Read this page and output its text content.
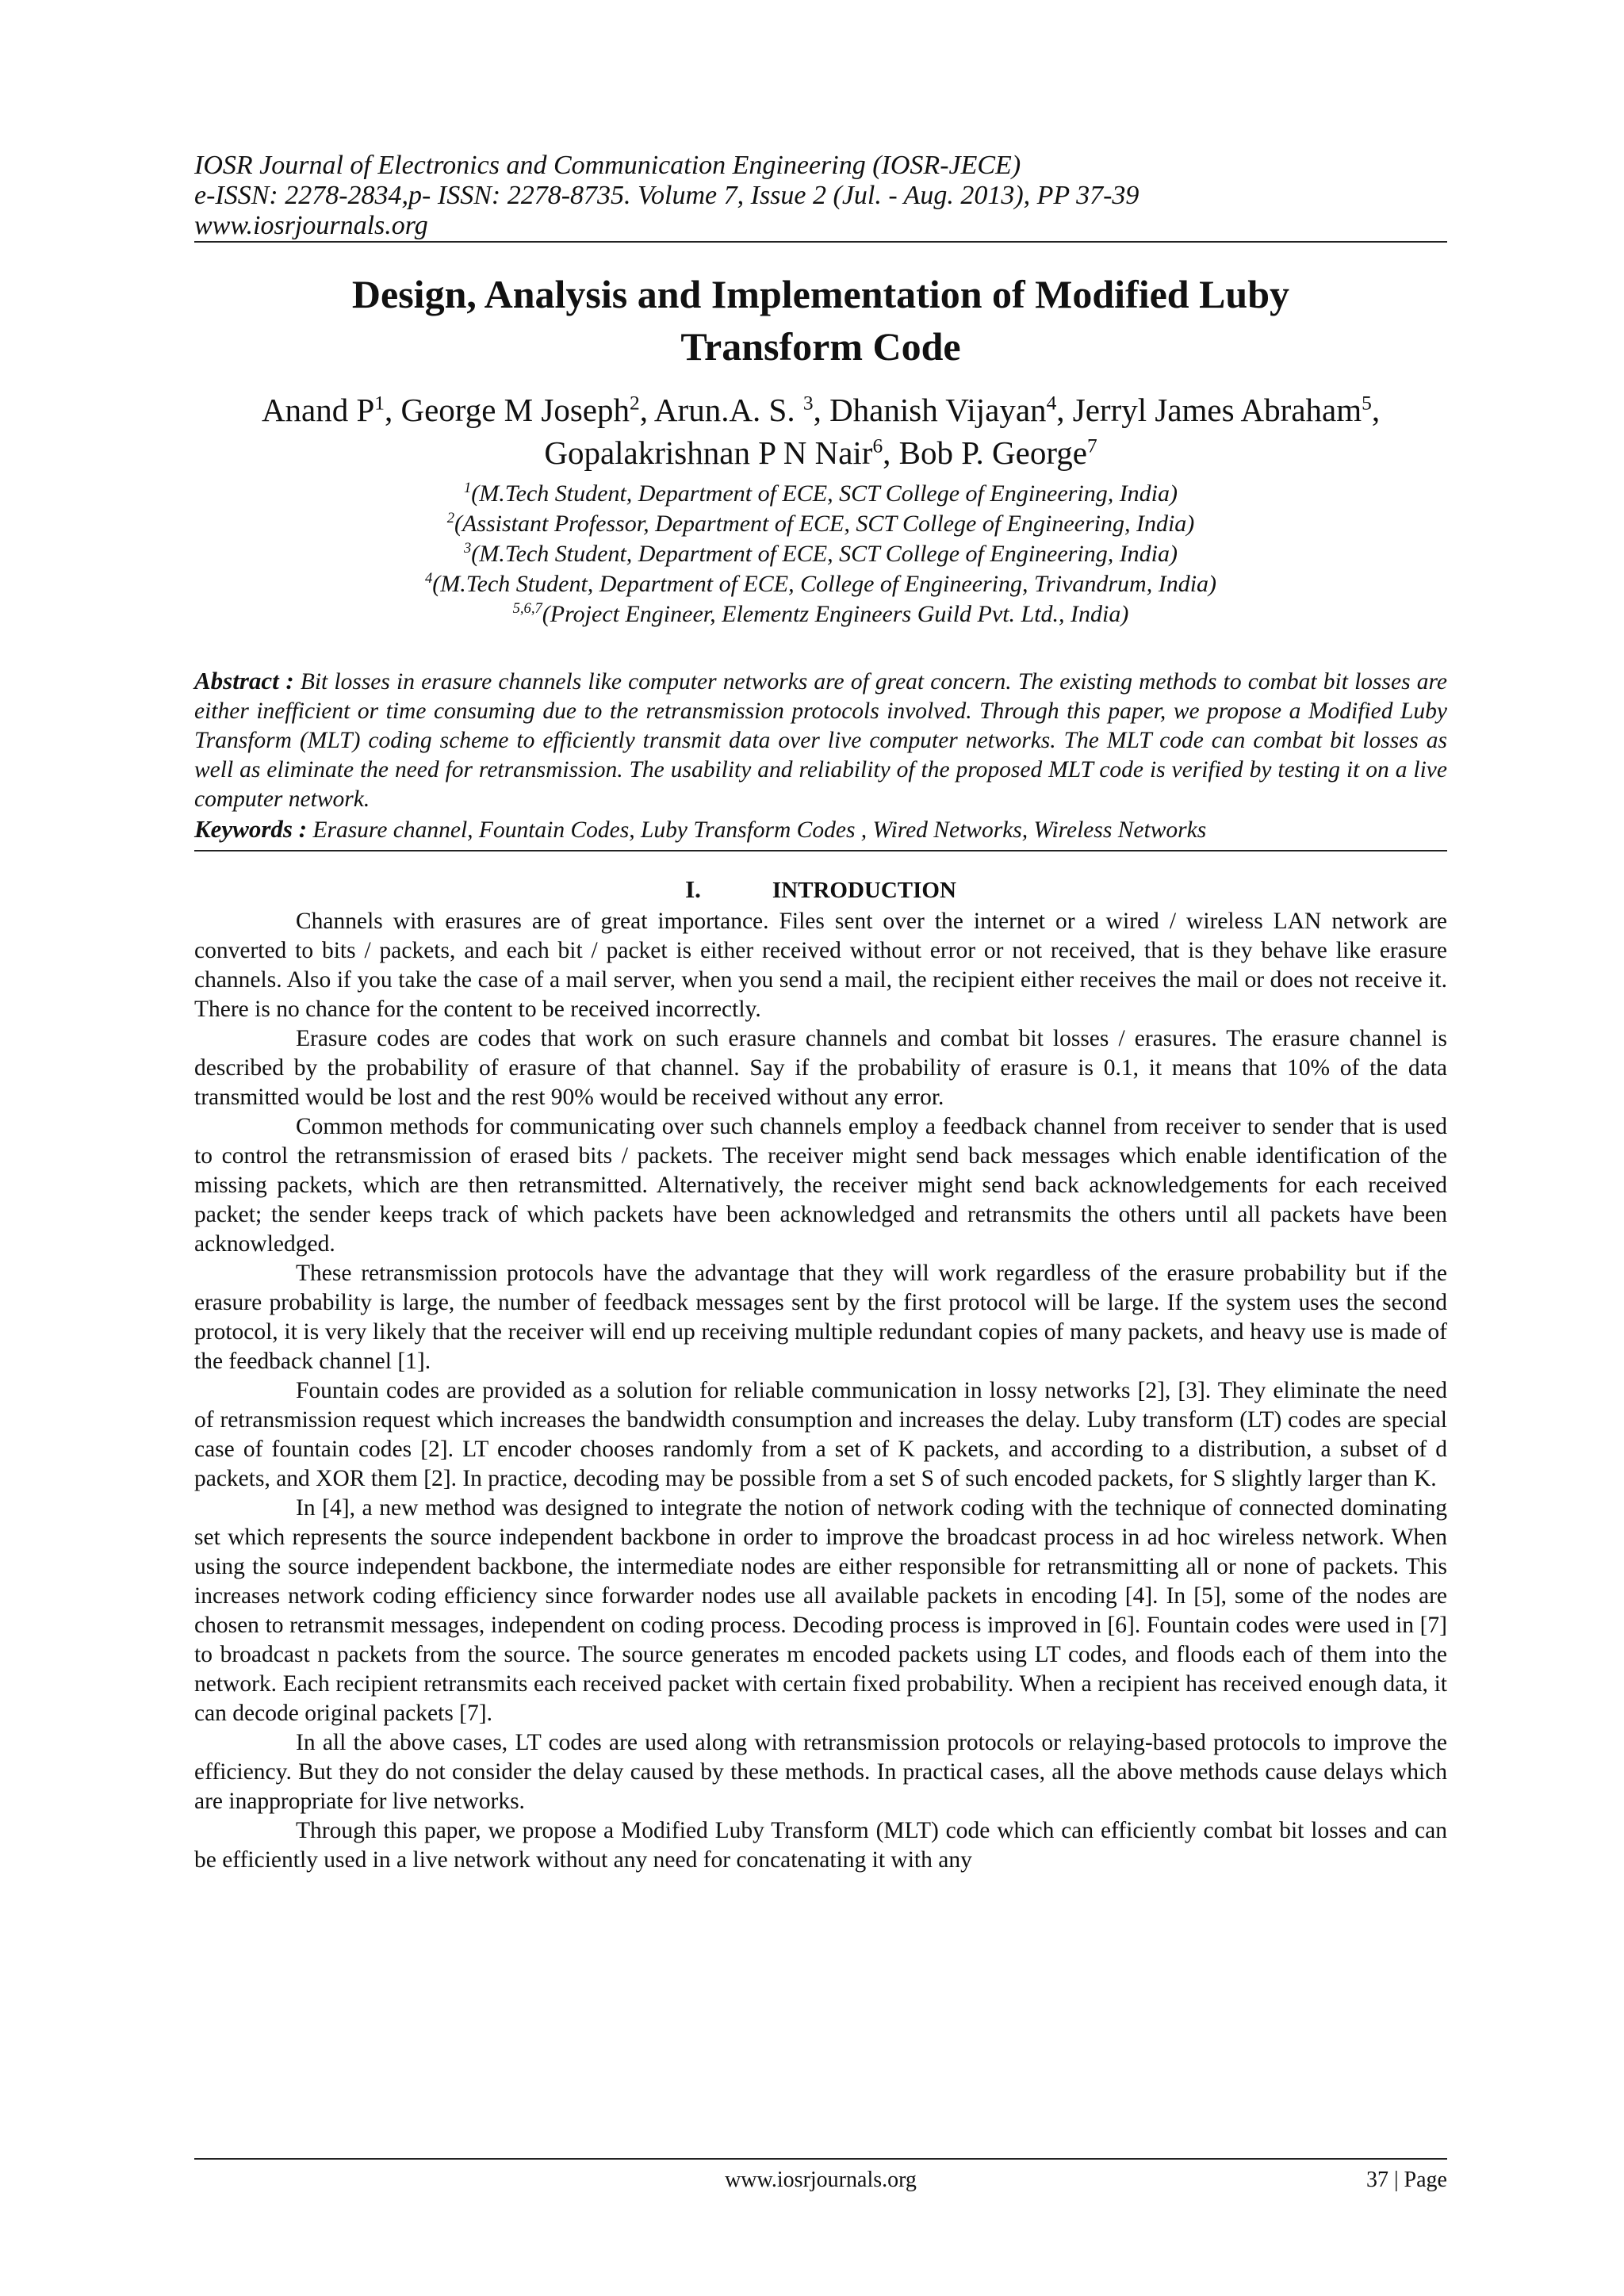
IOSR Journal of Electronics and Communication Engineering (IOSR-JECE)
e-ISSN: 2278-2834,p- ISSN: 2278-8735. Volume 7, Issue 2 (Jul. - Aug. 2013), PP 37-39
www.iosrjournals.org
Design, Analysis and Implementation of Modified Luby
Transform Code
Anand $P^1$, George M Joseph$^2$, Arun.A. S. $^3$, Dhanish Vijayan$^4$, Jerryl James Abraham$^5$, Gopalakrishnan P N Nair$^6$, Bob P. George$^7$
$^1$(M.Tech Student, Department of ECE, SCT College of Engineering, India)
$^2$(Assistant Professor, Department of ECE, SCT College of Engineering, India)
$^3$(M.Tech Student, Department of ECE, SCT College of Engineering, India)
$^4$(M.Tech Student, Department of ECE, College of Engineering, Trivandrum, India)
$^{5,6,7}$(Project Engineer, Elementz Engineers Guild Pvt. Ltd., India)
Abstract : Bit losses in erasure channels like computer networks are of great concern. The existing methods to combat bit losses are either inefficient or time consuming due to the retransmission protocols involved. Through this paper, we propose a Modified Luby Transform (MLT) coding scheme to efficiently transmit data over live computer networks. The MLT code can combat bit losses as well as eliminate the need for retransmission. The usability and reliability of the proposed MLT code is verified by testing it on a live computer network.
Keywords : Erasure channel, Fountain Codes, Luby Transform Codes , Wired Networks, Wireless Networks
I.	INTRODUCTION

Channels with erasures are of great importance. Files sent over the internet or a wired / wireless LAN network are converted to bits / packets, and each bit / packet is either received without error or not received, that is they behave like erasure channels. Also if you take the case of a mail server, when you send a mail, the recipient either receives the mail or does not receive it. There is no chance for the content to be received incorrectly.

Erasure codes are codes that work on such erasure channels and combat bit losses / erasures. The erasure channel is described by the probability of erasure of that channel. Say if the probability of erasure is 0.1, it means that 10% of the data transmitted would be lost and the rest 90% would be received without any error.

Common methods for communicating over such channels employ a feedback channel from receiver to sender that is used to control the retransmission of erased bits / packets. The receiver might send back messages which enable identification of the missing packets, which are then retransmitted. Alternatively, the receiver might send back acknowledgements for each received packet; the sender keeps track of which packets have been acknowledged and retransmits the others until all packets have been acknowledged.

These retransmission protocols have the advantage that they will work regardless of the erasure probability but if the erasure probability is large, the number of feedback messages sent by the first protocol will be large. If the system uses the second protocol, it is very likely that the receiver will end up receiving multiple redundant copies of many packets, and heavy use is made of the feedback channel [1].

Fountain codes are provided as a solution for reliable communication in lossy networks [2], [3]. They eliminate the need of retransmission request which increases the bandwidth consumption and increases the delay. Luby transform (LT) codes are special case of fountain codes [2]. LT encoder chooses randomly from a set of K packets, and according to a distribution, a subset of d packets, and XOR them [2]. In practice, decoding may be possible from a set S of such encoded packets, for S slightly larger than K.

In [4], a new method was designed to integrate the notion of network coding with the technique of connected dominating set which represents the source independent backbone in order to improve the broadcast process in ad hoc wireless network. When using the source independent backbone, the intermediate nodes are either responsible for retransmitting all or none of packets. This increases network coding efficiency since forwarder nodes use all available packets in encoding [4]. In [5], some of the nodes are chosen to retransmit messages, independent on coding process. Decoding process is improved in [6]. Fountain codes were used in [7] to broadcast n packets from the source. The source generates m encoded packets using LT codes, and floods each of them into the network. Each recipient retransmits each received packet with certain fixed probability. When a recipient has received enough data, it can decode original packets [7].

In all the above cases, LT codes are used along with retransmission protocols or relaying-based protocols to improve the efficiency. But they do not consider the delay caused by these methods. In practical cases, all the above methods cause delays which are inappropriate for live networks.

Through this paper, we propose a Modified Luby Transform (MLT) code which can efficiently combat bit losses and can be efficiently used in a live network without any need for concatenating it with any

www.iosrjournals.org	37 | Page
